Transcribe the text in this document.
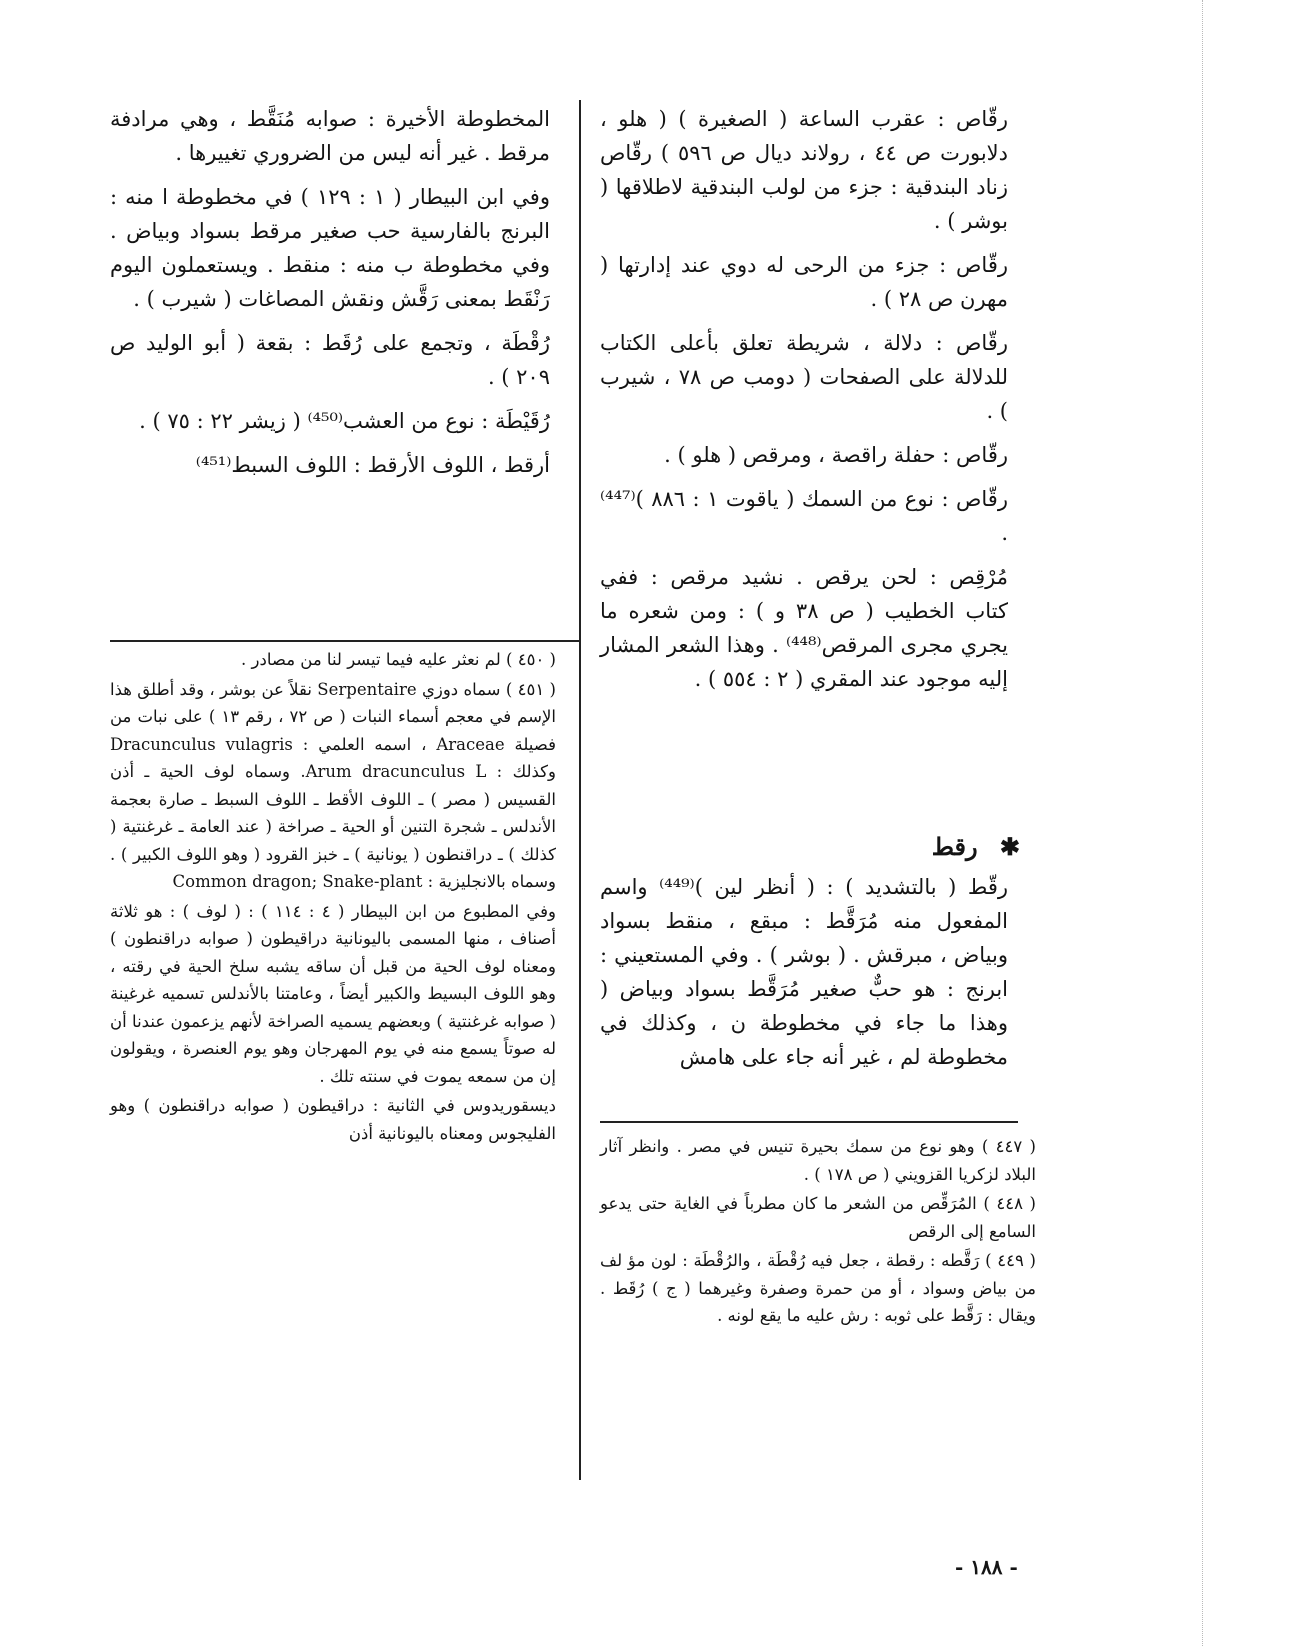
رقّاص : عقرب الساعة ( الصغيرة ) ( هلو ، دلابورت ص ٤٤ ، رولاند ديال ص ٥٩٦ ) رقّاص زناد البندقية : جزء من لولب البندقية لاطلاقها ( بوشر ) .

رقّاص : جزء من الرحى له دوي عند إدارتها ( مهرن ص ٢٨ ) .

رقّاص : دلالة ، شريطة تعلق بأعلى الكتاب للدلالة على الصفحات ( دومب ص ٧٨ ، شيرب ) .

رقّاص : حفلة راقصة ، ومرقص ( هلو ) .

رقّاص : نوع من السمك ( ياقوت ١ : ٨٨٦ )⁽⁴⁴⁷⁾ .

مُرْقِص : لحن يرقص . نشيد مرقص : ففي كتاب الخطيب ( ص ٣٨ و ) : ومن شعره ما يجري مجرى المرقص⁽⁴⁴⁸⁾ . وهذا الشعر المشار إليه موجود عند المقري ( ٢ : ٥٥٤ ) .

✱ رقط

رقّط ( بالتشديد ) : ( أنظر لين )⁽⁴⁴⁹⁾ واسم المفعول منه مُرَقَّط : مبقع ، منقط بسواد وبياض ، مبرقش . ( بوشر ) . وفي المستعيني : ابرنج : هو حبٌّ صغير مُرَقَّط بسواد وبياض ( وهذا ما جاء في مخطوطة ن ، وكذلك في مخطوطة لم ، غير أنه جاء على هامش

المخطوطة الأخيرة : صوابه مُنَقَّط ، وهي مرادفة مرقط . غير أنه ليس من الضروري تغييرها .

وفي ابن البيطار ( ١ : ١٢٩ ) في مخطوطة ا منه : البرنج بالفارسية حب صغير مرقط بسواد وبياض . وفي مخطوطة ب منه : منقط . ويستعملون اليوم رَنْقَط بمعنى رَقَّش ونقش المصاغات ( شيرب ) .

رُقْطَة ، وتجمع على رُقَط : بقعة ( أبو الوليد ص ٢٠٩ ) .

رُقَيْطَة : نوع من العشب⁽⁴⁵⁰⁾ ( زيشر ٢٢ : ٧٥ ) .

أرقط ، اللوف الأرقط : اللوف السبط⁽⁴⁵¹⁾

( ٤٥٠ ) لم نعثر عليه فيما تيسر لنا من مصادر .

( ٤٥١ ) سماه دوزي Serpentaire نقلاً عن بوشر ، وقد أطلق هذا الإسم في معجم أسماء النبات ( ص ٧٢ ، رقم ١٣ ) على نبات من فصيلة Araceae ، اسمه العلمي : Dracunculus vulagris وكذلك : Arum dracunculus L. وسماه لوف الحية ـ أذن القسيس ( مصر ) ـ اللوف الأقط ـ اللوف السبط ـ صارة بعجمة الأندلس ـ شجرة التنين أو الحية ـ صراخة ( عند العامة ـ غرغنتية ( كذلك ) ـ دراقنطون ( يونانية ) ـ خبز القرود ( وهو اللوف الكبير ) . وسماه بالانجليزية : Common dragon; Snake-plant

وفي المطبوع من ابن البيطار ( ٤ : ١١٤ ) : ( لوف ) : هو ثلاثة أصناف ، منها المسمى باليونانية دراقيطون ( صوابه دراقنطون ) ومعناه لوف الحية من قبل أن ساقه يشبه سلخ الحية في رقته ، وهو اللوف البسيط والكبير أيضاً ، وعامتنا بالأندلس تسميه غرغينة ( صوابه غرغنتية ) وبعضهم يسميه الصراخة لأنهم يزعمون عندنا أن له صوتاً يسمع منه في يوم المهرجان وهو يوم العنصرة ، ويقولون إن من سمعه يموت في سنته تلك .

ديسقوريدوس في الثانية : دراقيطون ( صوابه دراقنطون ) وهو الفليجوس ومعناه باليونانية أذن

( ٤٤٧ ) وهو نوع من سمك بحيرة تنيس في مصر . وانظر آثار البلاد لزكريا القزويني ( ص ١٧٨ ) .

( ٤٤٨ ) المُرَقِّص من الشعر ما كان مطرباً في الغاية حتى يدعو السامع إلى الرقص

( ٤٤٩ ) رَقَّطه : رقطة ، جعل فيه رُقْطَة ، والرُقْطَة : لون مؤ لف من بياض وسواد ، أو من حمرة وصفرة وغيرهما ( ج ) رُقَط . ويقال : رَقَّط على ثوبه : رش عليه ما يقع لونه .

- ١٨٨ -
